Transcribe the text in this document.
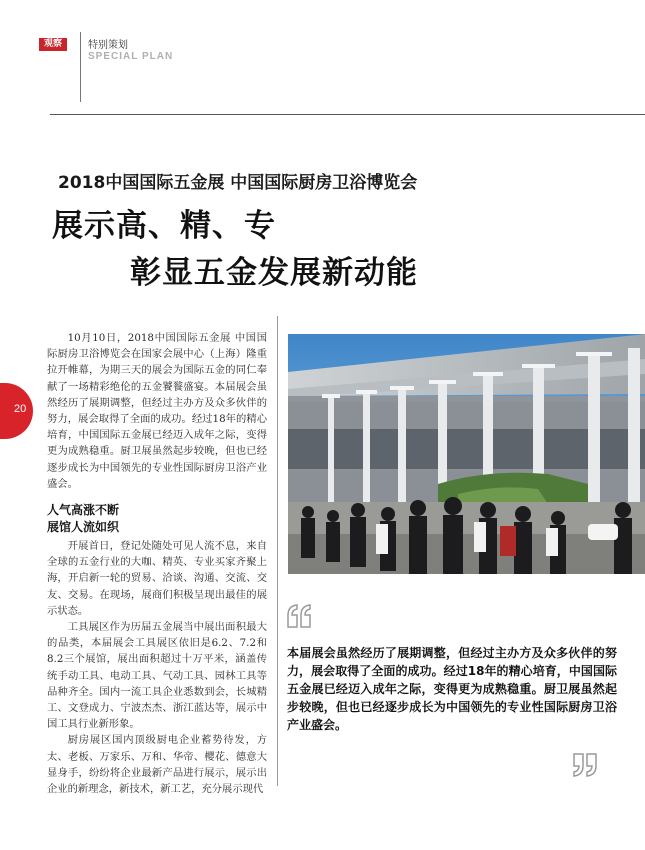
观察	特别策划
SPECIAL PLAN
2018中国国际五金展 中国国际厨房卫浴博览会
展示高、精、专
彰显五金发展新动能
20

10月10日，2018中国国际五金展 中国国际厨房卫浴博览会在国家会展中心（上海）隆重拉开帷幕，为期三天的展会为国际五金的同仁奉献了一场精彩绝伦的五金饕餮盛宴。本届展会虽然经历了展期调整，但经过主办方及众多伙伴的努力，展会取得了全面的成功。经过18年的精心培育，中国国际五金展已经迈入成年之际，变得更为成熟稳重。厨卫展虽然起步较晚，但也已经逐步成长为中国领先的专业性国际厨房卫浴产业盛会。

人气高涨不断
展馆人流如织

开展首日，登记处随处可见人流不息，来自全球的五金行业的大咖、精英、专业买家齐聚上海，开启新一轮的贸易、洽谈、沟通、交流、交友、交易。在现场，展商们积极呈现出最佳的展示状态。

工具展区作为历届五金展当中展出面积最大的品类，本届展会工具展区依旧是6.2、7.2和8.2三个展馆，展出面积超过十万平米，涵盖传统手动工具、电动工具、气动工具、园林工具等品种齐全。国内一流工具企业悉数到会，长城精工、文登成力、宁波杰杰、浙江蓝达等，展示中国工具行业新形象。

厨房展区国内顶级厨电企业蓄势待发，方太、老板、万家乐、万和、华帝、樱花、德意大显身手，纷纷将企业最新产品进行展示，展示出企业的新理念，新技术，新工艺，充分展示现代

本届展会虽然经历了展期调整，但经过主办方及众多伙伴的努力，展会取得了全面的成功。经过18年的精心培育，中国国际五金展已经迈入成年之际，变得更为成熟稳重。厨卫展虽然起步较晚，但也已经逐步成长为中国领先的专业性国际厨房卫浴产业盛会。
